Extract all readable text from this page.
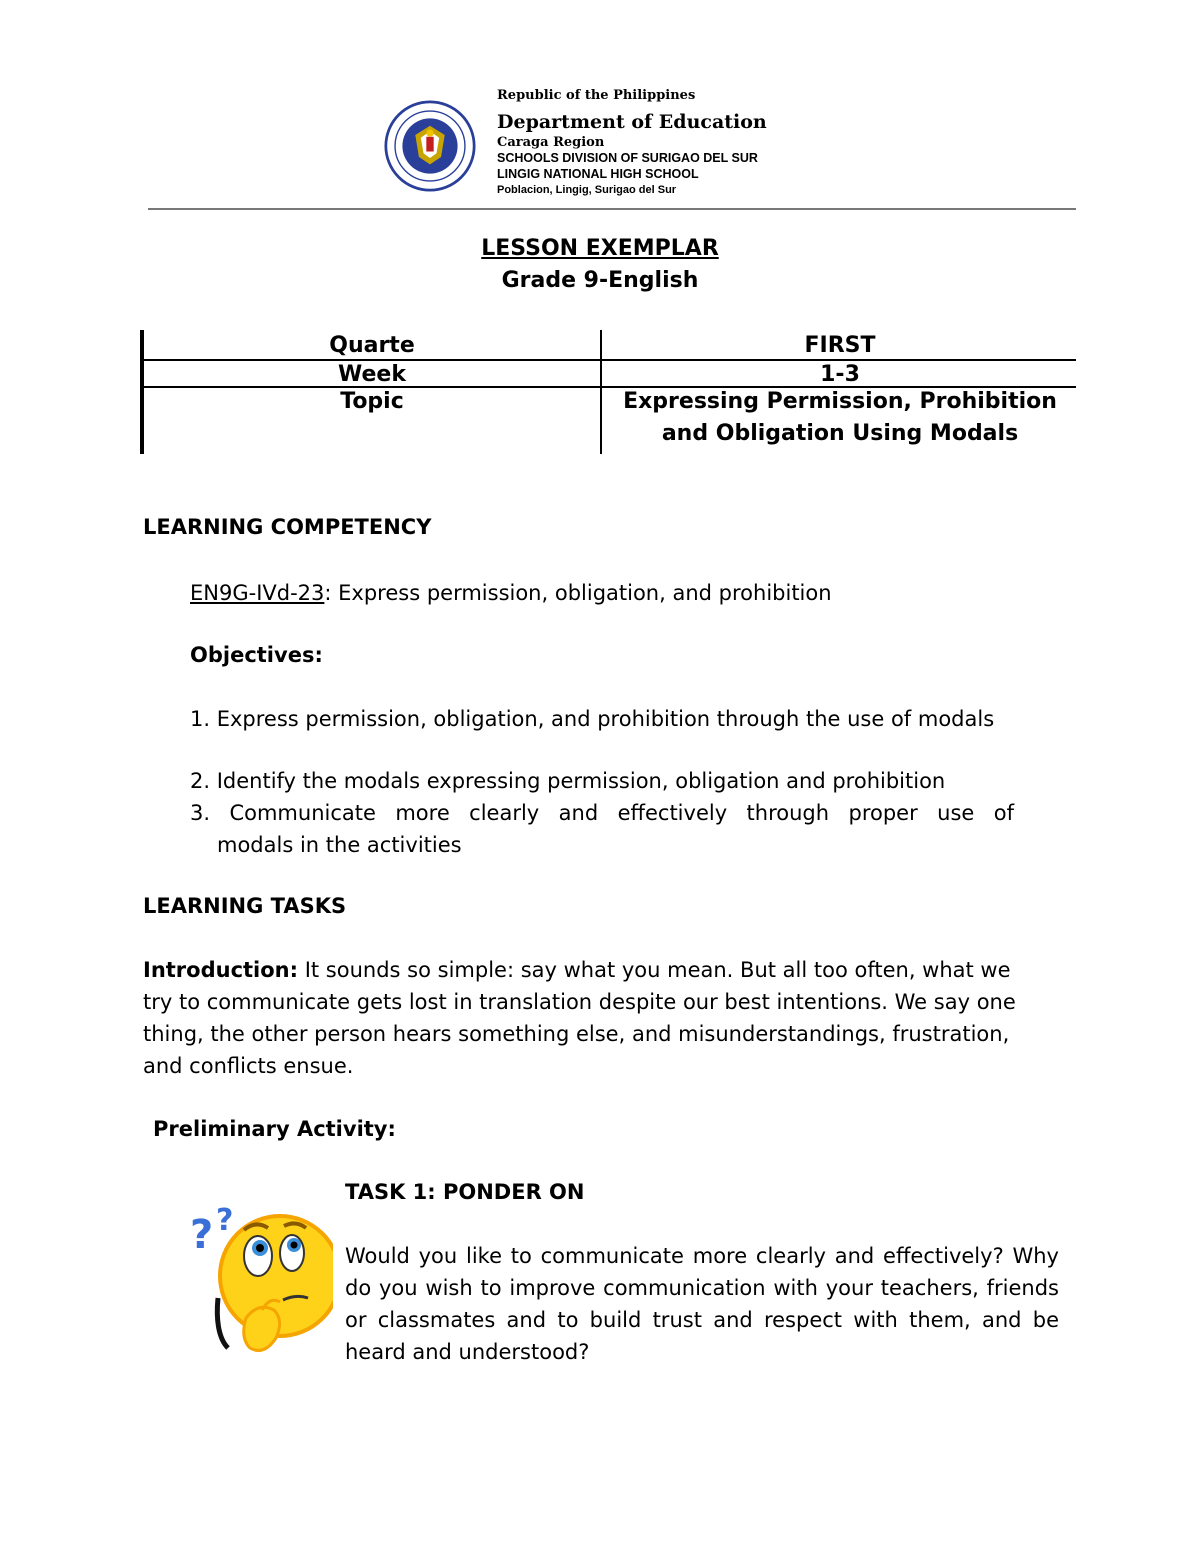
Republic of the Philippines
Department of Education
Caraga Region
SCHOOLS DIVISION OF SURIGAO DEL SUR
LINGIG NATIONAL HIGH SCHOOL
Poblacion, Lingig, Surigao del Sur
LESSON EXEMPLAR
Grade 9-English
Quarte	FIRST
Week	1-3
Topic	Expressing Permission, Prohibition
and Obligation Using Modals
LEARNING COMPETENCY
EN9G-IVd-23: Express permission, obligation, and prohibition
Objectives:
1. Express permission, obligation, and prohibition through the use of modals
2. Identify the modals expressing permission, obligation and prohibition
3. Communicate more clearly and effectively through proper use of
modals in the activities
LEARNING TASKS
Introduction: It sounds so simple: say what you mean. But all too often, what we try to communicate gets lost in translation despite our best intentions. We say one thing, the other person hears something else, and misunderstandings, frustration, and conflicts ensue.
Preliminary Activity:
? ?
TASK 1: PONDER ON
Would you like to communicate more clearly and effectively? Why do you wish to improve communication with your teachers, friends or classmates and to build trust and respect with them, and be heard and understood?
